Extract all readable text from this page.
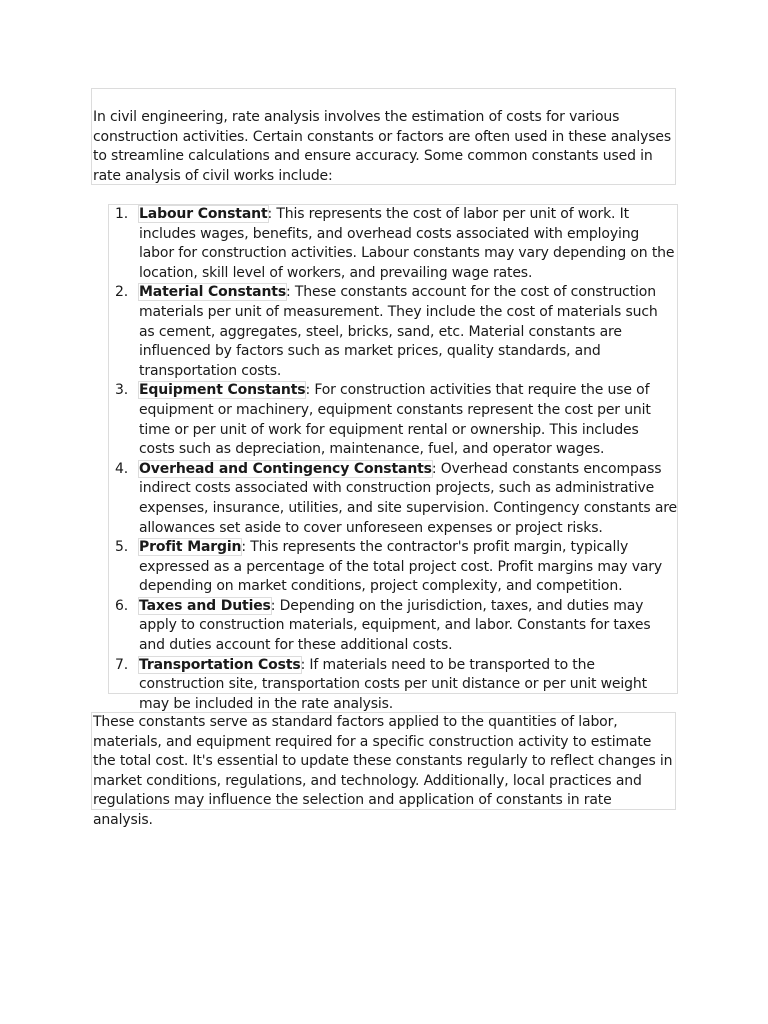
In civil engineering, rate analysis involves the estimation of costs for various construction activities. Certain constants or factors are often used in these analyses to streamline calculations and ensure accuracy. Some common constants used in rate analysis of civil works include:
1. Labour Constant: This represents the cost of labor per unit of work. It includes wages, benefits, and overhead costs associated with employing labor for construction activities. Labour constants may vary depending on the location, skill level of workers, and prevailing wage rates.
2. Material Constants: These constants account for the cost of construction materials per unit of measurement. They include the cost of materials such as cement, aggregates, steel, bricks, sand, etc. Material constants are influenced by factors such as market prices, quality standards, and transportation costs.
3. Equipment Constants: For construction activities that require the use of equipment or machinery, equipment constants represent the cost per unit time or per unit of work for equipment rental or ownership. This includes costs such as depreciation, maintenance, fuel, and operator wages.
4. Overhead and Contingency Constants: Overhead constants encompass indirect costs associated with construction projects, such as administrative expenses, insurance, utilities, and site supervision. Contingency constants are allowances set aside to cover unforeseen expenses or project risks.
5. Profit Margin: This represents the contractor's profit margin, typically expressed as a percentage of the total project cost. Profit margins may vary depending on market conditions, project complexity, and competition.
6. Taxes and Duties: Depending on the jurisdiction, taxes, and duties may apply to construction materials, equipment, and labor. Constants for taxes and duties account for these additional costs.
7. Transportation Costs: If materials need to be transported to the construction site, transportation costs per unit distance or per unit weight may be included in the rate analysis.
These constants serve as standard factors applied to the quantities of labor, materials, and equipment required for a specific construction activity to estimate the total cost. It's essential to update these constants regularly to reflect changes in market conditions, regulations, and technology. Additionally, local practices and regulations may influence the selection and application of constants in rate analysis.
